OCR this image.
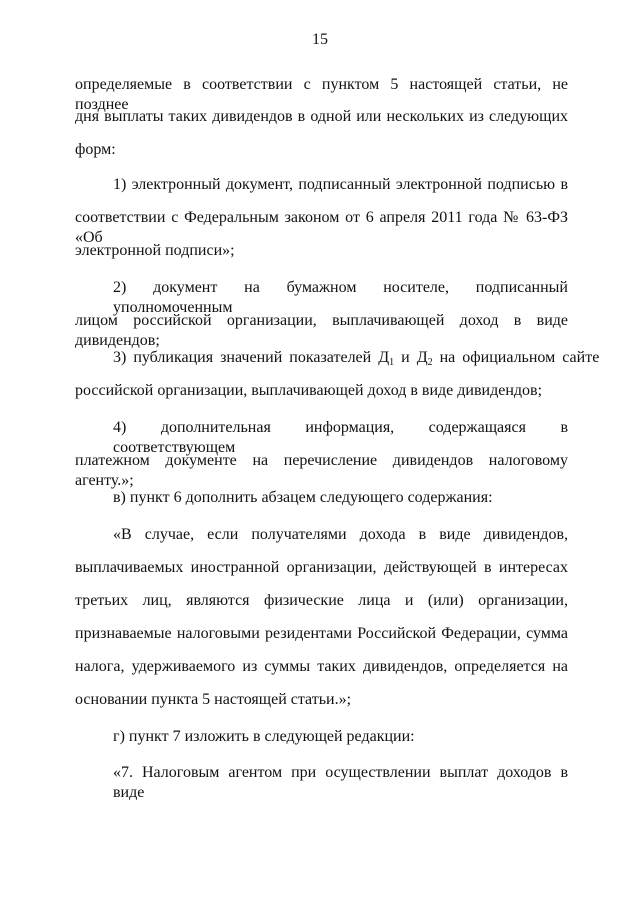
15
определяемые в соответствии с пунктом 5 настоящей статьи, не позднее
дня выплаты таких дивидендов в одной или нескольких из следующих
форм:
1) электронный документ, подписанный электронной подписью в
соответствии с Федеральным законом от 6 апреля 2011 года № 63-ФЗ «Об
электронной подписи»;
2) документ на бумажном носителе, подписанный уполномоченным
лицом российской организации, выплачивающей доход в виде дивидендов;
3) публикация значений показателей $Д_1$ и $Д_2$ на официальном сайте
российской организации, выплачивающей доход в виде дивидендов;
4) дополнительная информация, содержащаяся в соответствующем
платежном документе на перечисление дивидендов налоговому агенту.»;
в) пункт 6 дополнить абзацем следующего содержания:
«В случае, если получателями дохода в виде дивидендов,
выплачиваемых иностранной организации, действующей в интересах
третьих лиц, являются физические лица и (или) организации,
признаваемые налоговыми резидентами Российской Федерации, сумма
налога, удерживаемого из суммы таких дивидендов, определяется на
основании пункта 5 настоящей статьи.»;
г) пункт 7 изложить в следующей редакции:
«7. Налоговым агентом при осуществлении выплат доходов в виде
